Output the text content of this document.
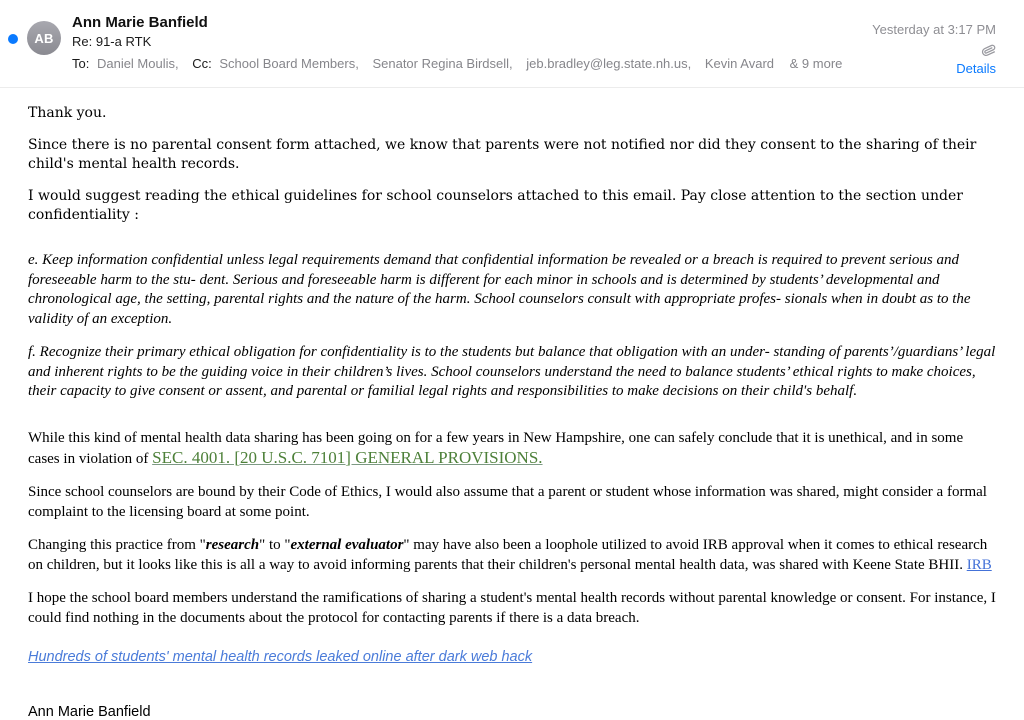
AB
Ann Marie Banfield
Re: 91-a RTK
To: Daniel Moulis, Cc: School Board Members, Senator Regina Birdsell, jeb.bradley@leg.state.nh.us, Kevin Avard & 9 more
Yesterday at 3:17 PM
Details

Thank you.

Since there is no parental consent form attached, we know that parents were not notified nor did they consent to the sharing of their child's mental health records.

I would suggest reading the ethical guidelines for school counselors attached to this email. Pay close attention to the section under confidentiality :

e. Keep information confidential unless legal requirements demand that confidential information be revealed or a breach is required to prevent serious and foreseeable harm to the stu- dent. Serious and foreseeable harm is different for each minor in schools and is determined by students’ developmental and chronological age, the setting, parental rights and the nature of the harm. School counselors consult with appropriate profes- sionals when in doubt as to the validity of an exception.

f. Recognize their primary ethical obligation for confidentiality is to the students but balance that obligation with an under- standing of parents’/guardians’ legal and inherent rights to be the guiding voice in their children’s lives. School counselors understand the need to balance students’ ethical rights to make choices, their capacity to give consent or assent, and parental or familial legal rights and responsibilities to make decisions on their child's behalf.

While this kind of mental health data sharing has been going on for a few years in New Hampshire, one can safely conclude that it is unethical, and in some cases in violation of SEC. 4001. [20 U.S.C. 7101] GENERAL PROVISIONS.

Since school counselors are bound by their Code of Ethics, I would also assume that a parent or student whose information was shared, might consider a formal complaint to the licensing board at some point.

Changing this practice from "research" to "external evaluator" may have also been a loophole utilized to avoid IRB approval when it comes to ethical research on children, but it looks like this is all a way to avoid informing parents that their children's personal mental health data, was shared with Keene State BHII. IRB

I hope the school board members understand the ramifications of sharing a student's mental health records without parental knowledge or consent. For instance, I could find nothing in the documents about the protocol for contacting parents if there is a data breach.

Hundreds of students' mental health records leaked online after dark web hack
Ann Marie Banfield
